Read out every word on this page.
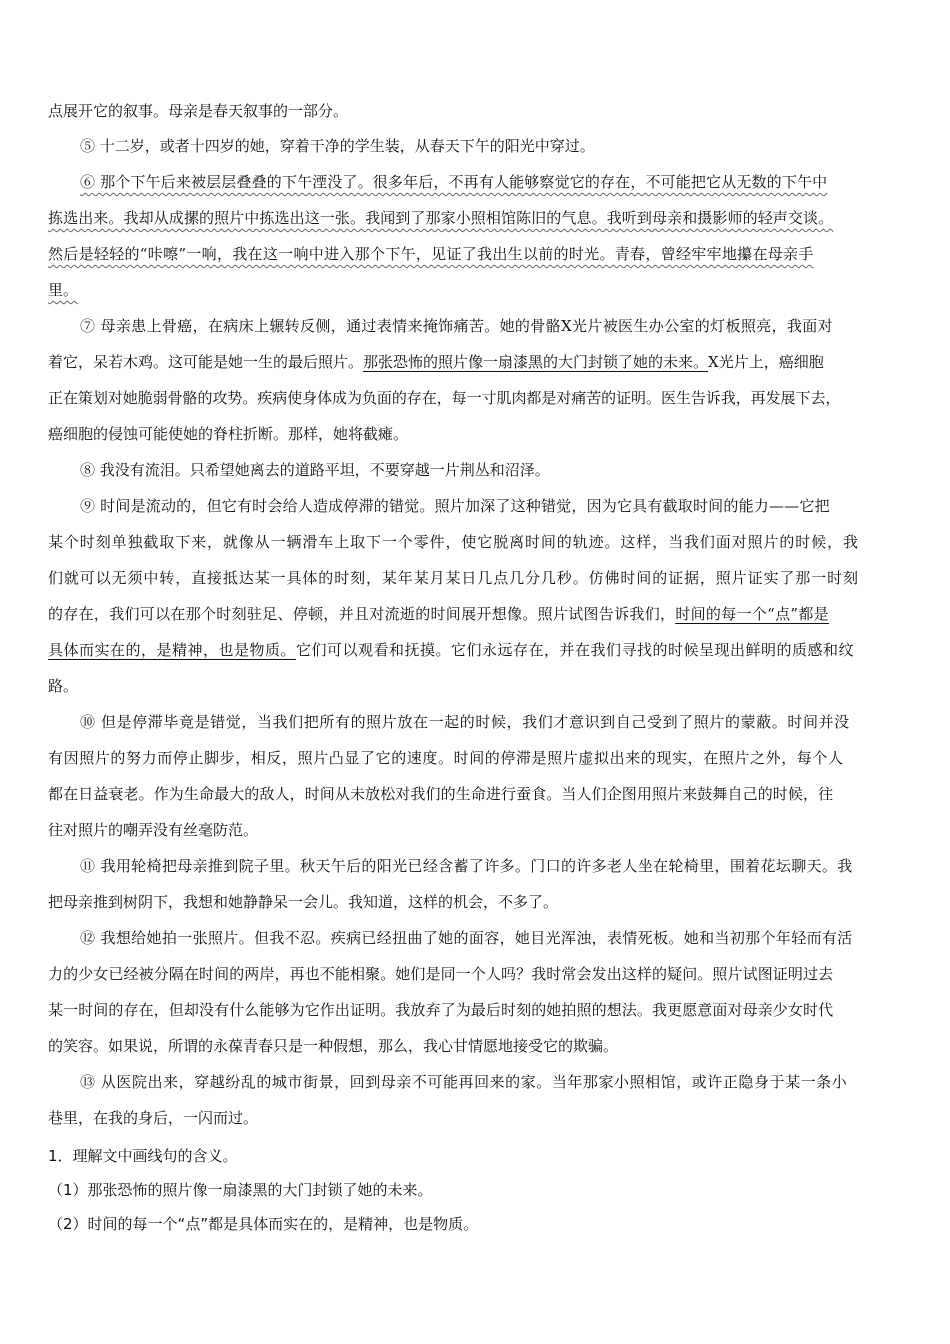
点展开它的叙事。母亲是春天叙事的一部分。
⑤ 十二岁，或者十四岁的她，穿着干净的学生装，从春天下午的阳光中穿过。
⑥ 那个下午后来被层层叠叠的下午湮没了。很多年后，不再有人能够察觉它的存在，不可能把它从无数的下午中
拣选出来。我却从成摞的照片中拣选出这一张。我闻到了那家小照相馆陈旧的气息。我听到母亲和摄影师的轻声交谈。
然后是轻轻的“咔嚓”一响，我在这一响中进入那个下午，见证了我出生以前的时光。青春，曾经牢牢地攥在母亲手
里。
⑦ 母亲患上骨癌，在病床上辗转反侧，通过表情来掩饰痛苦。她的骨骼X光片被医生办公室的灯板照亮，我面对
着它，呆若木鸡。这可能是她一生的最后照片。那张恐怖的照片像一扇漆黑的大门封锁了她的未来。X光片上，癌细胞
正在策划对她脆弱骨骼的攻势。疾病使身体成为负面的存在，每一寸肌肉都是对痛苦的证明。医生告诉我，再发展下去，
癌细胞的侵蚀可能使她的脊柱折断。那样，她将截瘫。
⑧ 我没有流泪。只希望她离去的道路平坦，不要穿越一片荆丛和沼泽。
⑨ 时间是流动的，但它有时会给人造成停滞的错觉。照片加深了这种错觉，因为它具有截取时间的能力——它把
某个时刻单独截取下来，就像从一辆滑车上取下一个零件，使它脱离时间的轨迹。这样，当我们面对照片的时候，我
们就可以无须中转，直接抵达某一具体的时刻，某年某月某日几点几分几秒。仿佛时间的证据，照片证实了那一时刻
的存在，我们可以在那个时刻驻足、停顿，并且对流逝的时间展开想像。照片试图告诉我们，时间的每一个“点”都是
具体而实在的，是精神，也是物质。它们可以观看和抚摸。它们永远存在，并在我们寻找的时候呈现出鲜明的质感和纹
路。
⑩ 但是停滞毕竟是错觉，当我们把所有的照片放在一起的时候，我们才意识到自己受到了照片的蒙蔽。时间并没
有因照片的努力而停止脚步，相反，照片凸显了它的速度。时间的停滞是照片虚拟出来的现实，在照片之外，每个人
都在日益衰老。作为生命最大的敌人，时间从未放松对我们的生命进行蚕食。当人们企图用照片来鼓舞自己的时候，往
往对照片的嘲弄没有丝毫防范。
⑪ 我用轮椅把母亲推到院子里。秋天午后的阳光已经含蓄了许多。门口的许多老人坐在轮椅里，围着花坛聊天。我
把母亲推到树阴下，我想和她静静呆一会儿。我知道，这样的机会，不多了。
⑫ 我想给她拍一张照片。但我不忍。疾病已经扭曲了她的面容，她目光浑浊，表情死板。她和当初那个年轻而有活
力的少女已经被分隔在时间的两岸，再也不能相聚。她们是同一个人吗？我时常会发出这样的疑问。照片试图证明过去
某一时间的存在，但却没有什么能够为它作出证明。我放弃了为最后时刻的她拍照的想法。我更愿意面对母亲少女时代
的笑容。如果说，所谓的永葆青春只是一种假想，那么，我心甘情愿地接受它的欺骗。
⑬ 从医院出来，穿越纷乱的城市街景，回到母亲不可能再回来的家。当年那家小照相馆，或许正隐身于某一条小
巷里，在我的身后，一闪而过。
1．理解文中画线句的含义。
（1）那张恐怖的照片像一扇漆黑的大门封锁了她的未来。
（2）时间的每一个“点”都是具体而实在的，是精神，也是物质。
